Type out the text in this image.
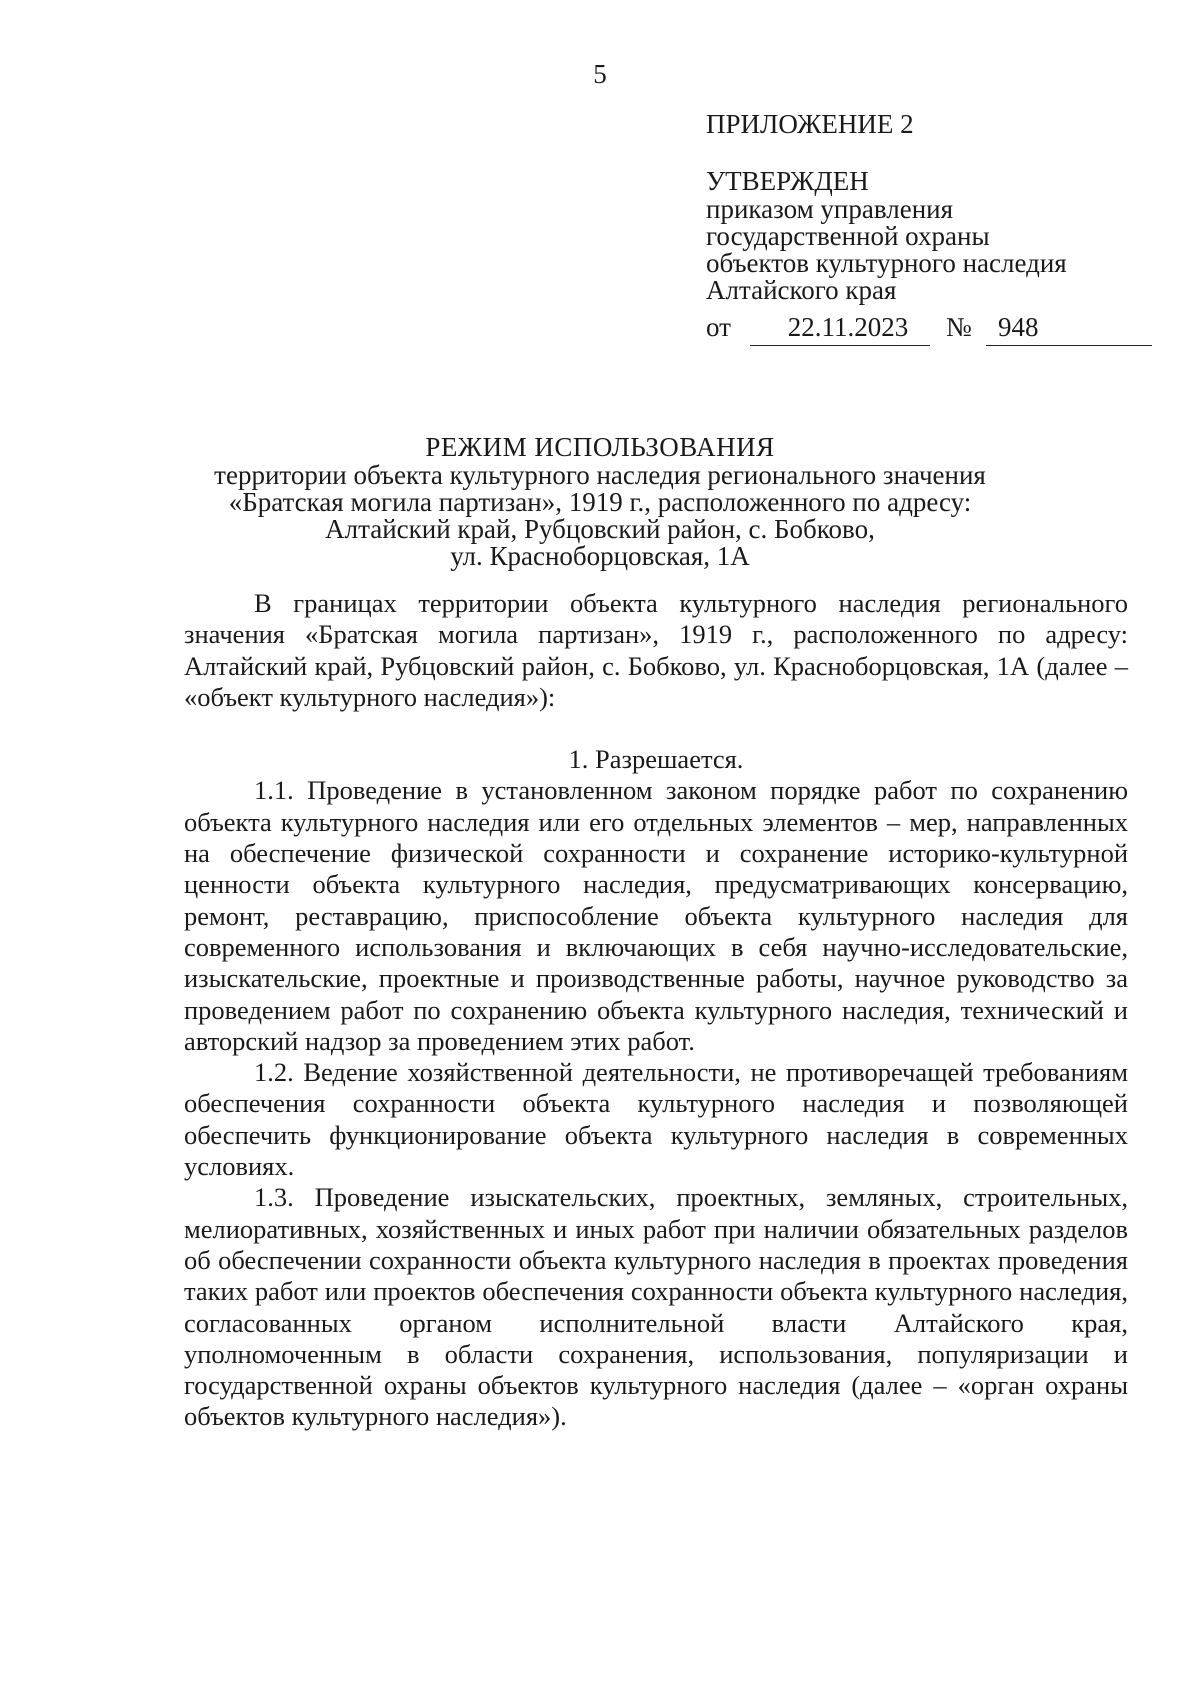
5
ПРИЛОЖЕНИЕ 2
УТВЕРЖДЕН
приказом управления
государственной охраны
объектов культурного наследия
Алтайского края
от	22.11.2023	№ 948
РЕЖИМ ИСПОЛЬЗОВАНИЯ
территории объекта культурного наследия регионального значения
«Братская могила партизан», 1919 г., расположенного по адресу:
Алтайский край, Рубцовский район, с. Бобково,
ул. Красноборцовская, 1А

В границах территории объекта культурного наследия регионального значения «Братская могила партизан», 1919 г., расположенного по адресу: Алтайский край, Рубцовский район, с. Бобково, ул. Красноборцовская, 1А (далее – «объект культурного наследия»):

1. Разрешается.

1.1. Проведение в установленном законом порядке работ по сохранению объекта культурного наследия или его отдельных элементов – мер, направленных на обеспечение физической сохранности и сохранение историко-культурной ценности объекта культурного наследия, предусматривающих консервацию, ремонт, реставрацию, приспособление объекта культурного наследия для современного использования и включающих в себя научно-исследовательские, изыскательские, проектные и производственные работы, научное руководство за проведением работ по сохранению объекта культурного наследия, технический и авторский надзор за проведением этих работ.

1.2. Ведение хозяйственной деятельности, не противоречащей требованиям обеспечения сохранности объекта культурного наследия и позволяющей обеспечить функционирование объекта культурного наследия в современных условиях.

1.3. Проведение изыскательских, проектных, земляных, строительных, мелиоративных, хозяйственных и иных работ при наличии обязательных разделов об обеспечении сохранности объекта культурного наследия в проектах проведения таких работ или проектов обеспечения сохранности объекта культурного наследия, согласованных органом исполнительной власти Алтайского края, уполномоченным в области сохранения, использования, популяризации и государственной охраны объектов культурного наследия (далее – «орган охраны объектов культурного наследия»).
